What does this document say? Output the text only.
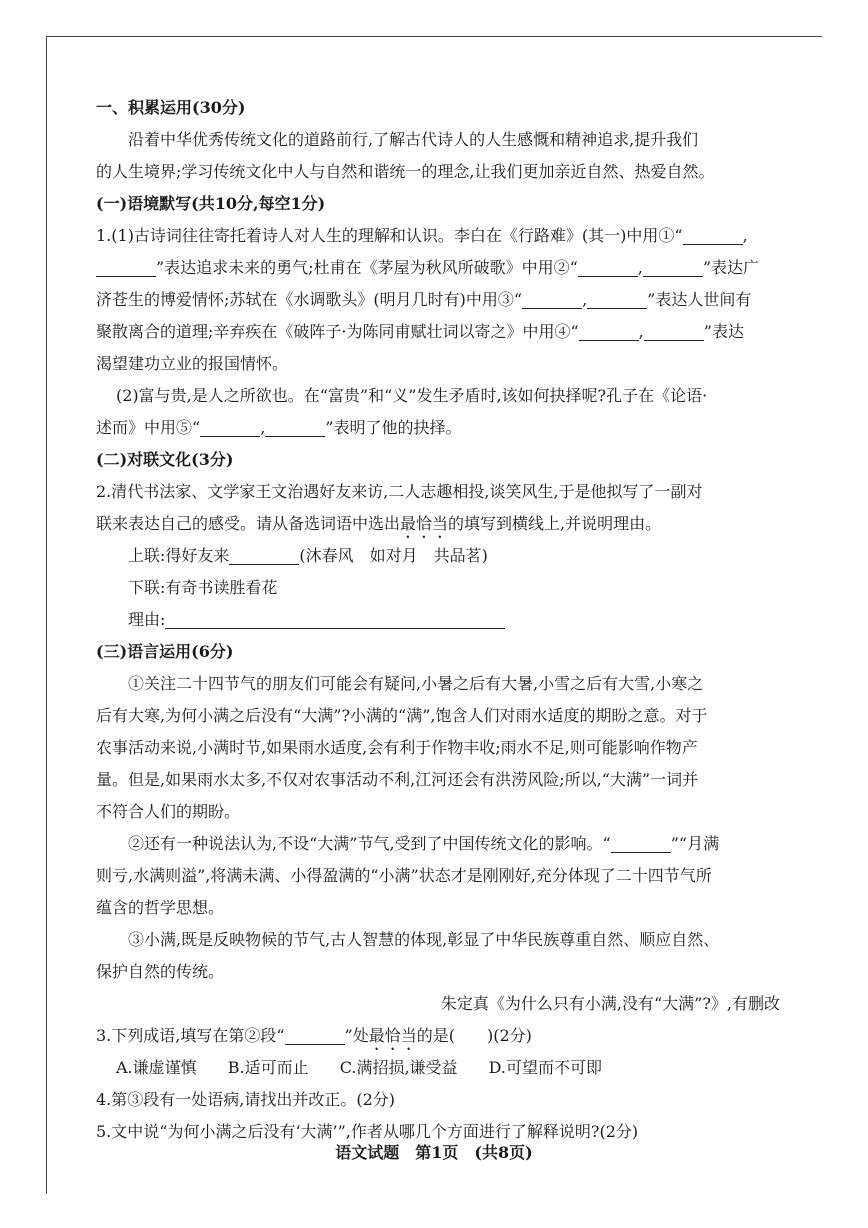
一、积累运用(30分)
沿着中华优秀传统文化的道路前行,了解古代诗人的人生感慨和精神追求,提升我们
的人生境界;学习传统文化中人与自然和谐统一的理念,让我们更加亲近自然、热爱自然。
(一)语境默写(共10分,每空1分)
1.(1)古诗词往往寄托着诗人对人生的理解和认识。李白在《行路难》(其一)中用①“	,
”表达追求未来的勇气;杜甫在《茅屋为秋风所破歌》中用②“	,	”表达广
济苍生的博爱情怀;苏轼在《水调歌头》(明月几时有)中用③“	,	”表达人世间有
聚散离合的道理;辛弃疾在《破阵子·为陈同甫赋壮词以寄之》中用④“	,	”表达
渴望建功立业的报国情怀。
(2)富与贵,是人之所欲也。在“富贵”和“义”发生矛盾时,该如何抉择呢?孔子在《论语·
述而》中用⑤“	,	”表明了他的抉择。
(二)对联文化(3分)
2.清代书法家、文学家王文治遇好友来访,二人志趣相投,谈笑风生,于是他拟写了一副对
联来表达自己的感受。请从备选词语中选出最恰当的填写到横线上,并说明理由。
上联:得好友来	(沐春风　如对月　共品茗)
下联:有奇书读胜看花
理由:
(三)语言运用(6分)
①关注二十四节气的朋友们可能会有疑问,小暑之后有大暑,小雪之后有大雪,小寒之
后有大寒,为何小满之后没有“大满”?小满的“满”,饱含人们对雨水适度的期盼之意。对于
农事活动来说,小满时节,如果雨水适度,会有利于作物丰收;雨水不足,则可能影响作物产
量。但是,如果雨水太多,不仅对农事活动不利,江河还会有洪涝风险;所以,“大满”一词并
不符合人们的期盼。
②还有一种说法认为,不设“大满”节气,受到了中国传统文化的影响。“	”“月满
则亏,水满则溢”,将满未满、小得盈满的“小满”状态才是刚刚好,充分体现了二十四节气所
蕴含的哲学思想。
③小满,既是反映物候的节气,古人智慧的体现,彰显了中华民族尊重自然、顺应自然、
保护自然的传统。
朱定真《为什么只有小满,没有“大满”?》,有删改
3.下列成语,填写在第②段“	”处最恰当的是(　　)(2分)
A.谦虚谨慎 B.适可而止 C.满招损,谦受益 D.可望而不可即
4.第③段有一处语病,请找出并改正。(2分)
5.文中说“为何小满之后没有‘大满’”,作者从哪几个方面进行了解释说明?(2分)
语文试题　第1页　(共8页)
